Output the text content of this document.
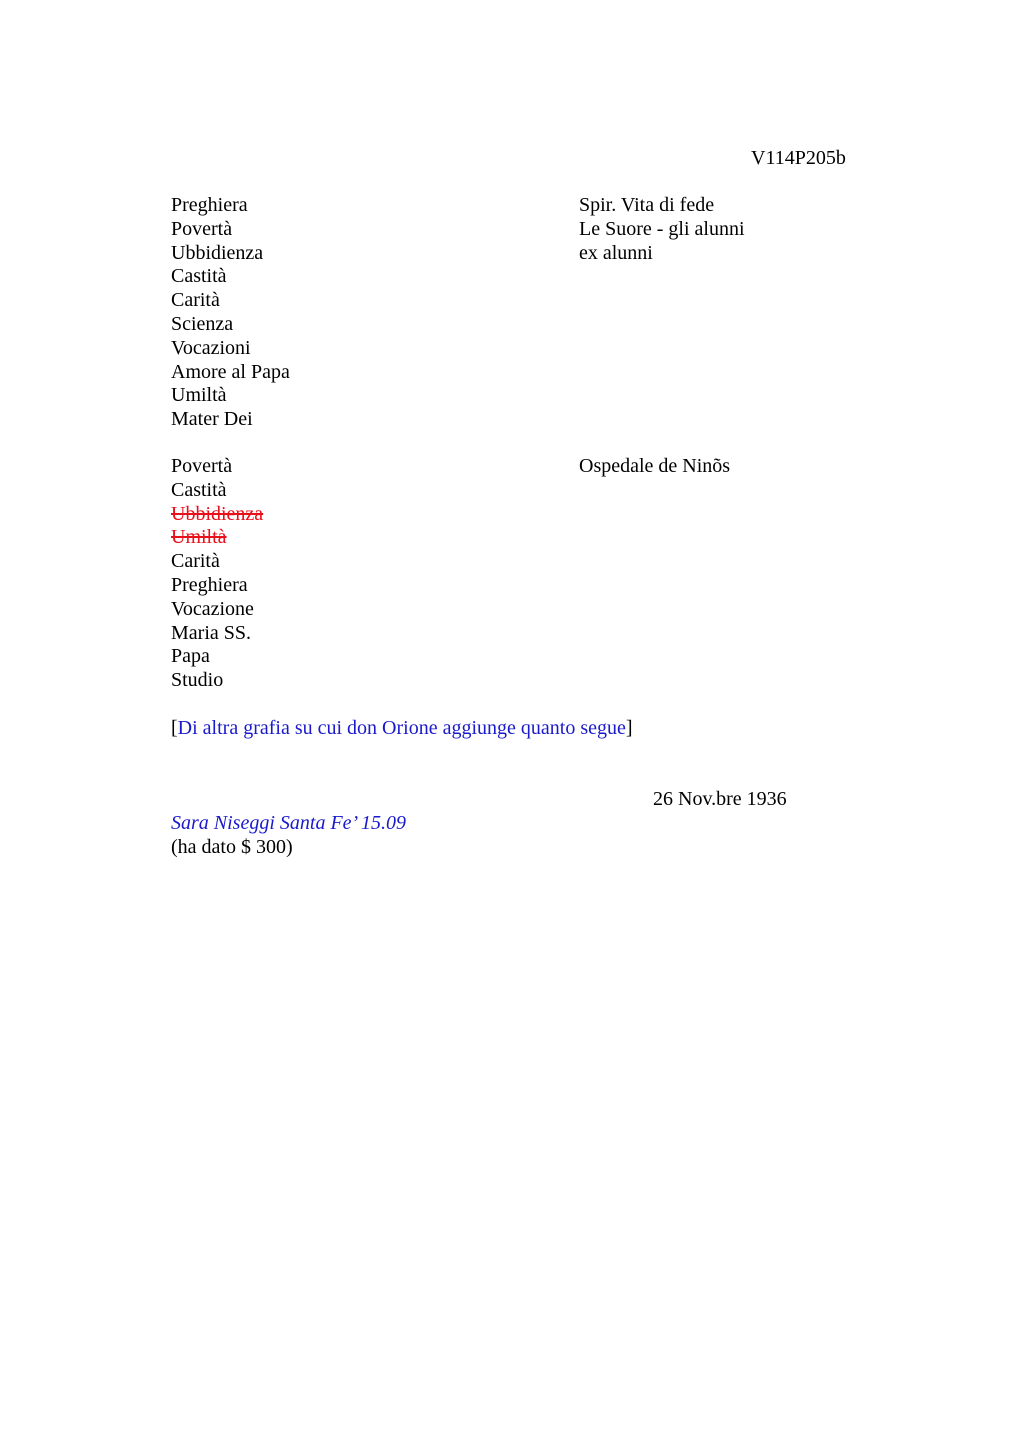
V114P205b
Preghiera
Povertà
Ubbidienza
Castità
Carità
Scienza
Vocazioni
Amore al Papa
Umiltà
Mater Dei
Spir. Vita di fede
Le Suore - gli alunni
ex alunni
Povertà
Castità
Ubbidienza
Umiltà
Carità
Preghiera
Vocazione
Maria SS.
Papa
Studio
Ospedale de Ninõs
[Di altra grafia su cui don Orione aggiunge quanto segue]
26 Nov.bre 1936
Sara Niseggi Santa Fe’ 15.09
(ha dato $ 300)
